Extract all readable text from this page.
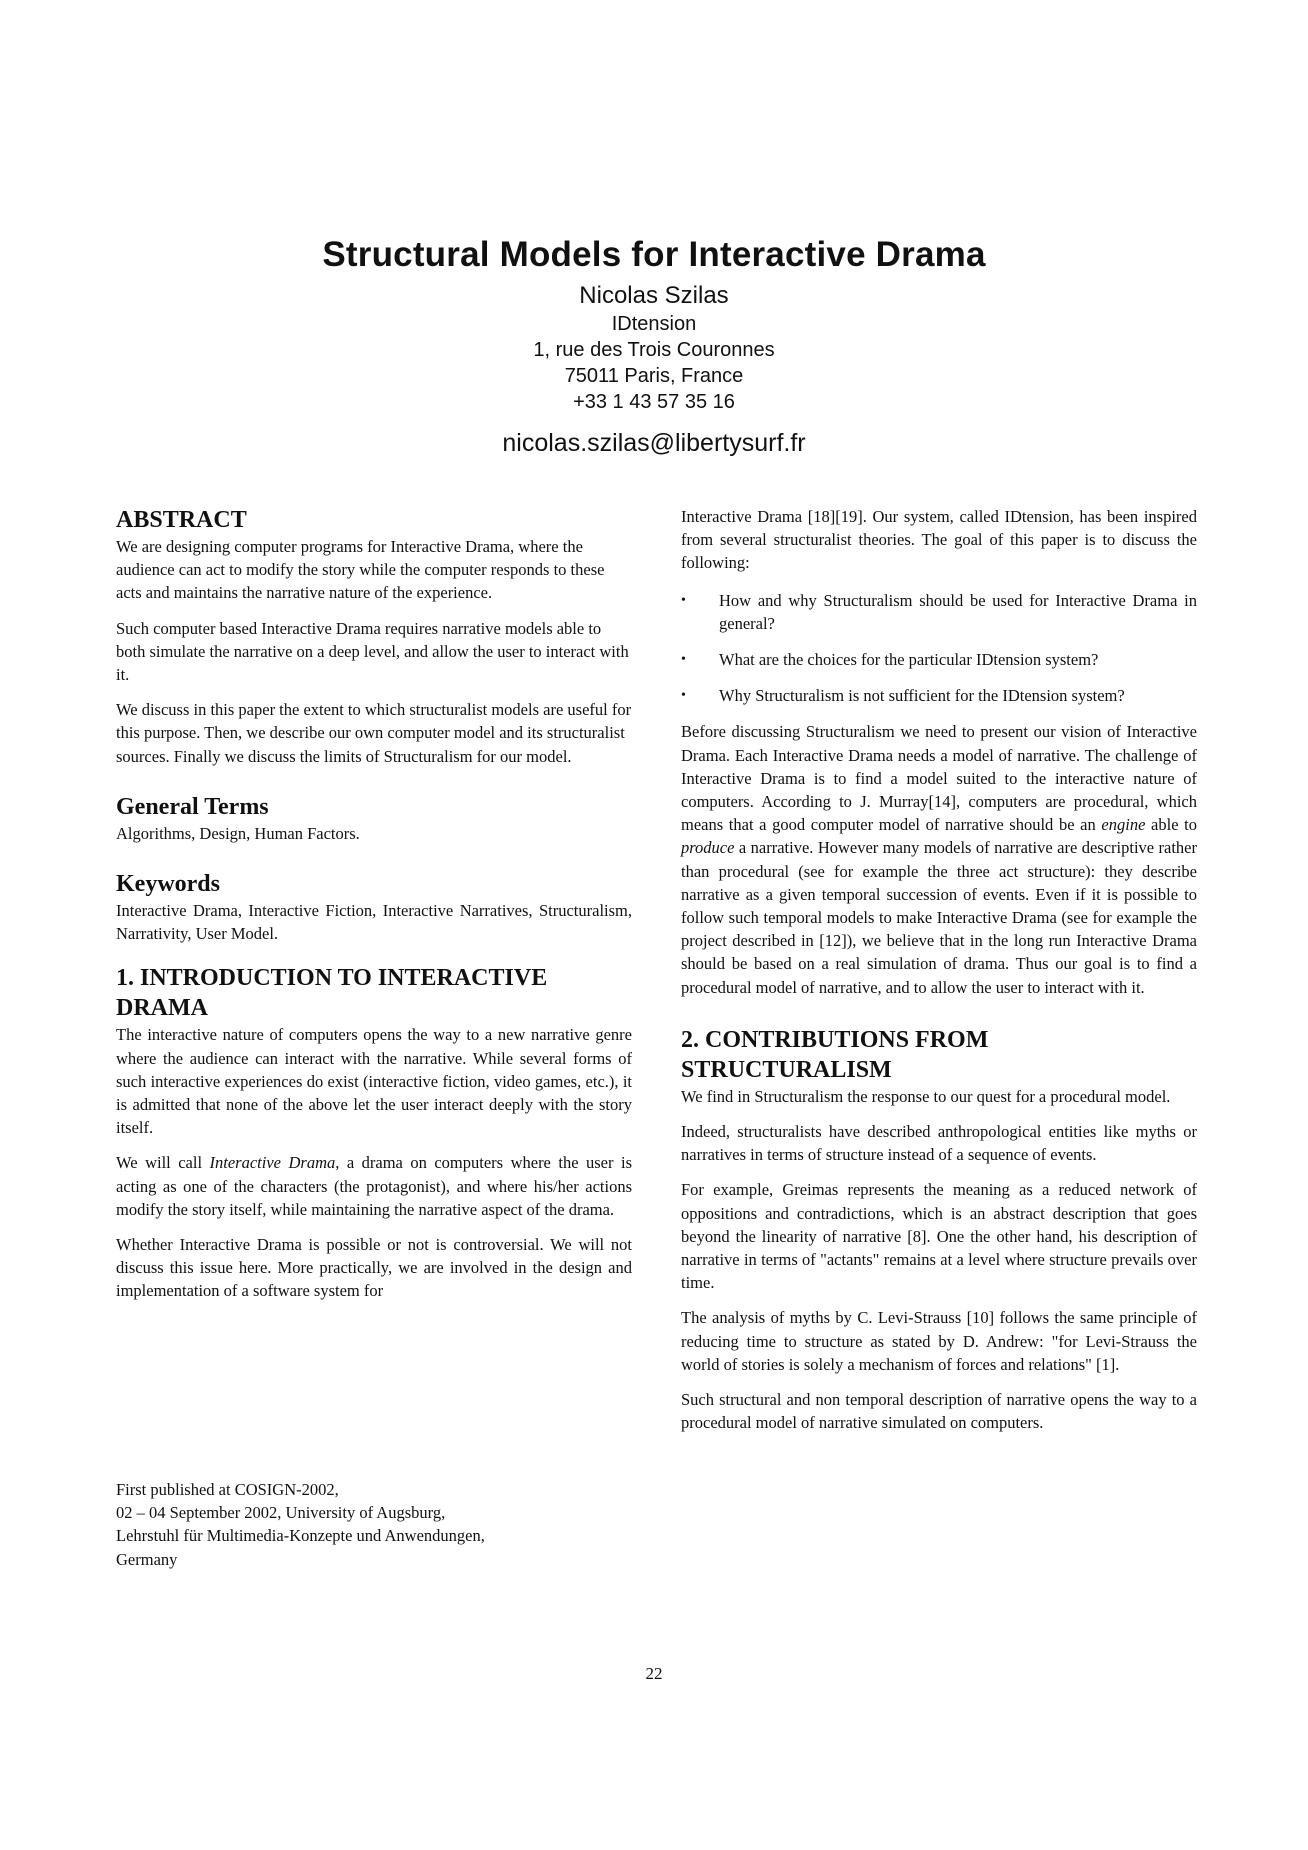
Structural Models for Interactive Drama
Nicolas Szilas
IDtension
1, rue des Trois Couronnes
75011 Paris, France
+33 1 43 57 35 16
nicolas.szilas@libertysurf.fr
ABSTRACT

We are designing computer programs for Interactive Drama, where the audience can act to modify the story while the computer responds to these acts and maintains the narrative nature of the experience.

Such computer based Interactive Drama requires narrative models able to both simulate the narrative on a deep level, and allow the user to interact with it.

We discuss in this paper the extent to which structuralist models are useful for this purpose. Then, we describe our own computer model and its structuralist sources. Finally we discuss the limits of Structuralism for our model.

General Terms

Algorithms, Design, Human Factors.

Keywords

Interactive Drama, Interactive Fiction, Interactive Narratives, Structuralism, Narrativity, User Model.

1. INTRODUCTION TO INTERACTIVE
DRAMA

The interactive nature of computers opens the way to a new narrative genre where the audience can interact with the narrative. While several forms of such interactive experiences do exist (interactive fiction, video games, etc.), it is admitted that none of the above let the user interact deeply with the story itself.

We will call Interactive Drama, a drama on computers where the user is acting as one of the characters (the protagonist), and where his/her actions modify the story itself, while maintaining the narrative aspect of the drama.

Whether Interactive Drama is possible or not is controversial. We will not discuss this issue here. More practically, we are involved in the design and implementation of a software system for

First published at COSIGN-2002,
02 – 04 September 2002, University of Augsburg,
Lehrstuhl für Multimedia-Konzepte und Anwendungen,
Germany

Interactive Drama [18][19]. Our system, called IDtension, has been inspired from several structuralist theories. The goal of this paper is to discuss the following:

• How and why Structuralism should be used for Interactive Drama in general?
• What are the choices for the particular IDtension system?
• Why Structuralism is not sufficient for the IDtension system?

Before discussing Structuralism we need to present our vision of Interactive Drama. Each Interactive Drama needs a model of narrative. The challenge of Interactive Drama is to find a model suited to the interactive nature of computers. According to J. Murray[14], computers are procedural, which means that a good computer model of narrative should be an engine able to produce a narrative. However many models of narrative are descriptive rather than procedural (see for example the three act structure): they describe narrative as a given temporal succession of events. Even if it is possible to follow such temporal models to make Interactive Drama (see for example the project described in [12]), we believe that in the long run Interactive Drama should be based on a real simulation of drama. Thus our goal is to find a procedural model of narrative, and to allow the user to interact with it.

2. CONTRIBUTIONS FROM
STRUCTURALISM

We find in Structuralism the response to our quest for a procedural model.

Indeed, structuralists have described anthropological entities like myths or narratives in terms of structure instead of a sequence of events.

For example, Greimas represents the meaning as a reduced network of oppositions and contradictions, which is an abstract description that goes beyond the linearity of narrative [8]. One the other hand, his description of narrative in terms of "actants" remains at a level where structure prevails over time.

The analysis of myths by C. Levi-Strauss [10] follows the same principle of reducing time to structure as stated by D. Andrew: "for Levi-Strauss the world of stories is solely a mechanism of forces and relations" [1].

Such structural and non temporal description of narrative opens the way to a procedural model of narrative simulated on computers.

22
